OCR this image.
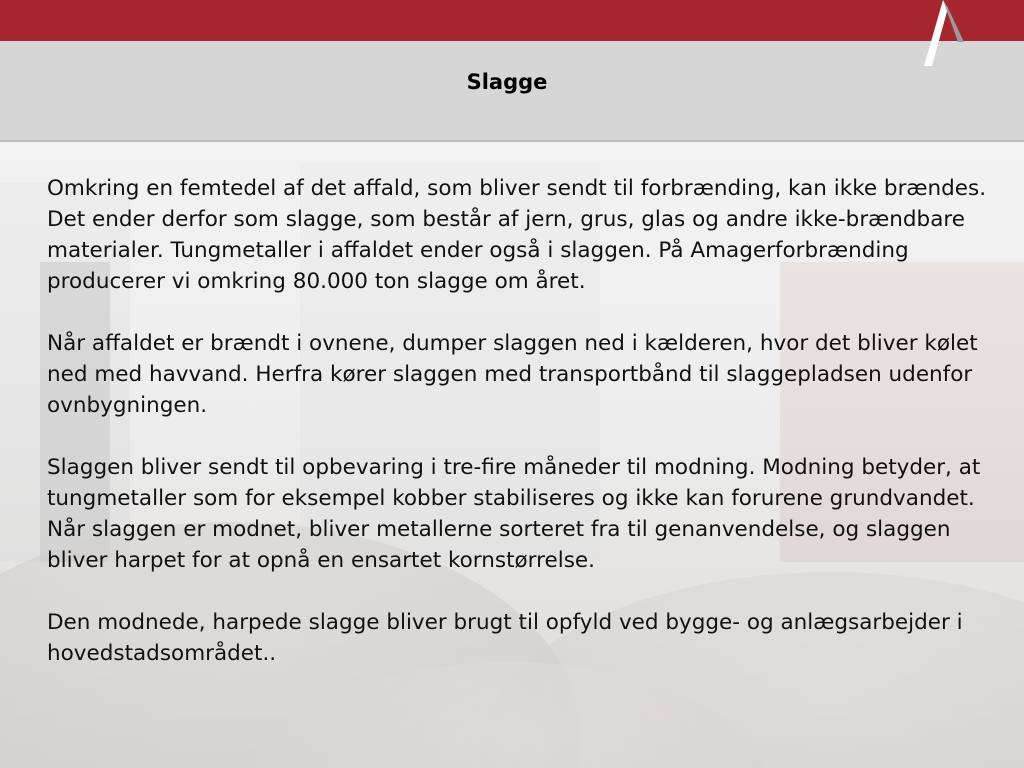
Slagge

Omkring en femtedel af det affald, som bliver sendt til forbrænding, kan ikke brændes. Det ender derfor som slagge, som består af jern, grus, glas og andre ikke-brændbare materialer. Tungmetaller i affaldet ender også i slaggen. På Amagerforbrænding producerer vi omkring 80.000 ton slagge om året.

Når affaldet er brændt i ovnene, dumper slaggen ned i kælderen, hvor det bliver kølet ned med havvand. Herfra kører slaggen med transportbånd til slaggepladsen udenfor ovnbygningen.

Slaggen bliver sendt til opbevaring i tre-fire måneder til modning. Modning betyder, at tungmetaller som for eksempel kobber stabiliseres og ikke kan forurene grundvandet. Når slaggen er modnet, bliver metallerne sorteret fra til genanvendelse, og slaggen bliver harpet for at opnå en ensartet kornstørrelse.

Den modnede, harpede slagge bliver brugt til opfyld ved bygge- og anlægsarbejder i hovedstadsområdet..
